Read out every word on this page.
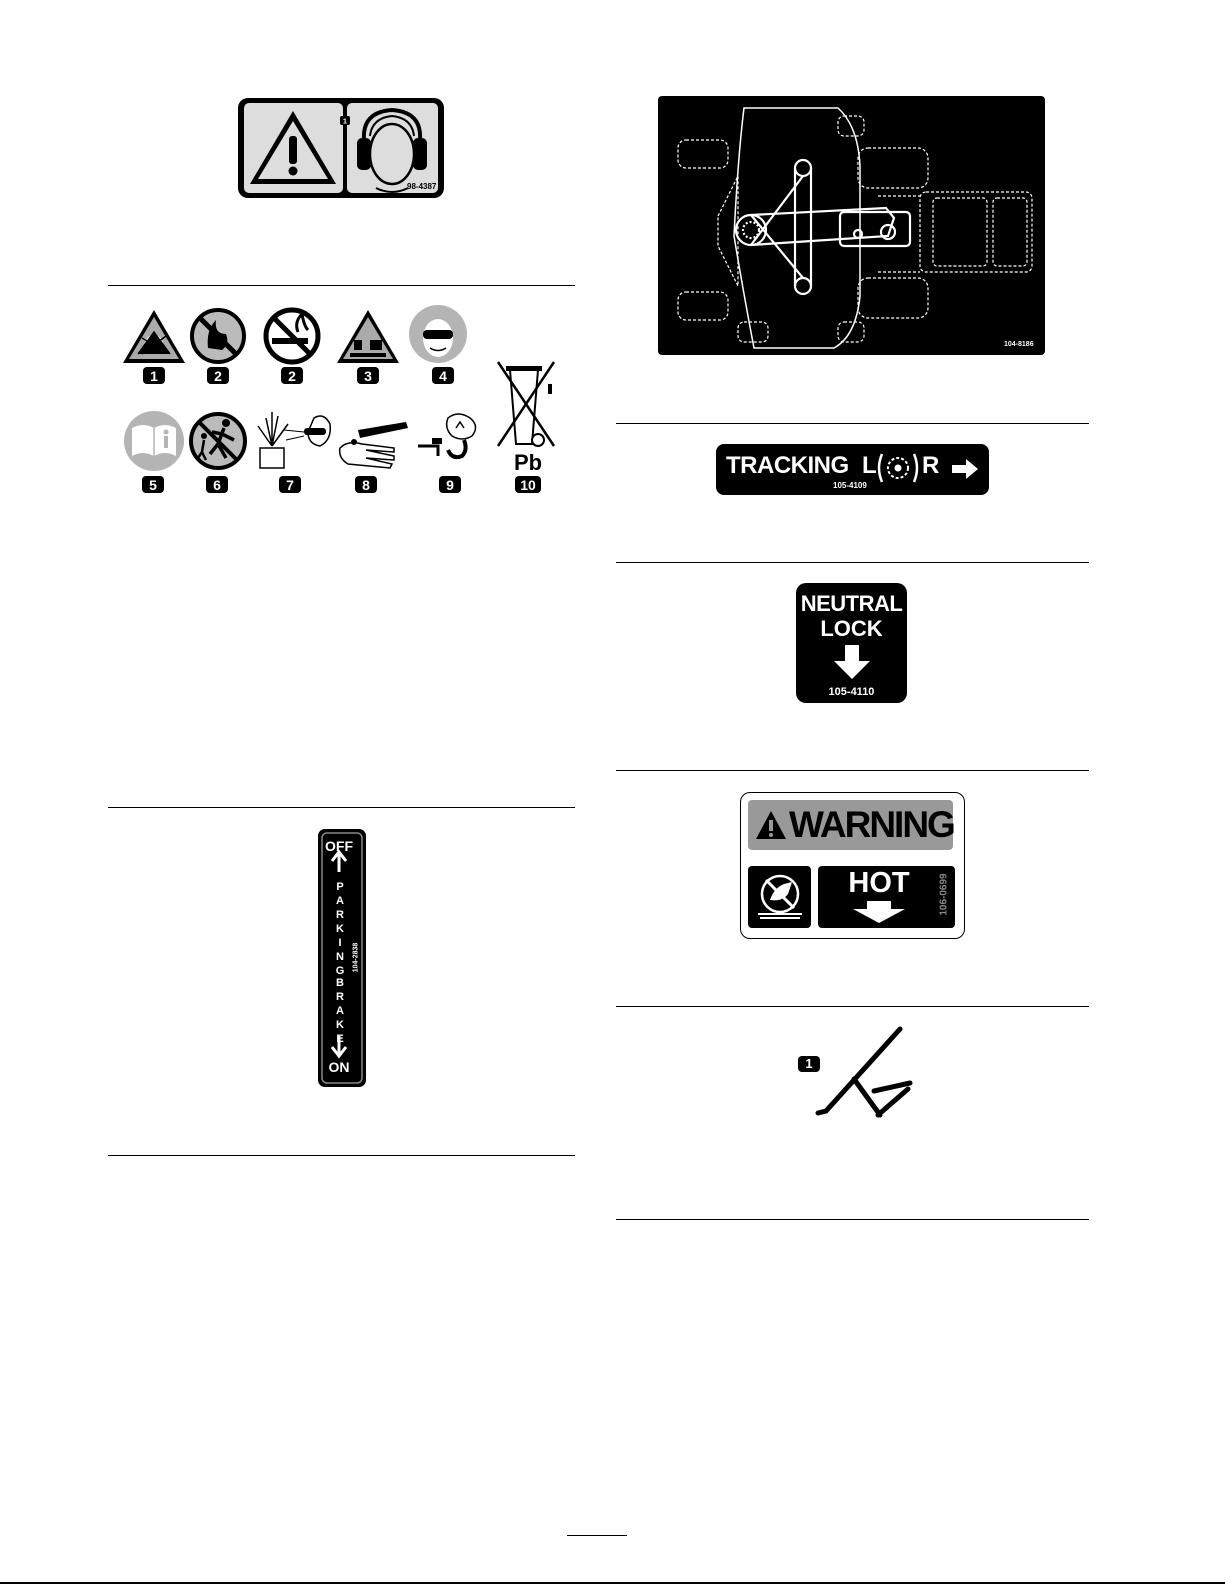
1
98-4387
1	2	2	3	4
Pb
5	6	7	8	9	10
OFF
PARKING
BRAKE
104-2838
ON
104-8186
TRACKING L R
105-4109
NEUTRAL
LOCK
105-4110
WARNING
HOT	106-0699
1
